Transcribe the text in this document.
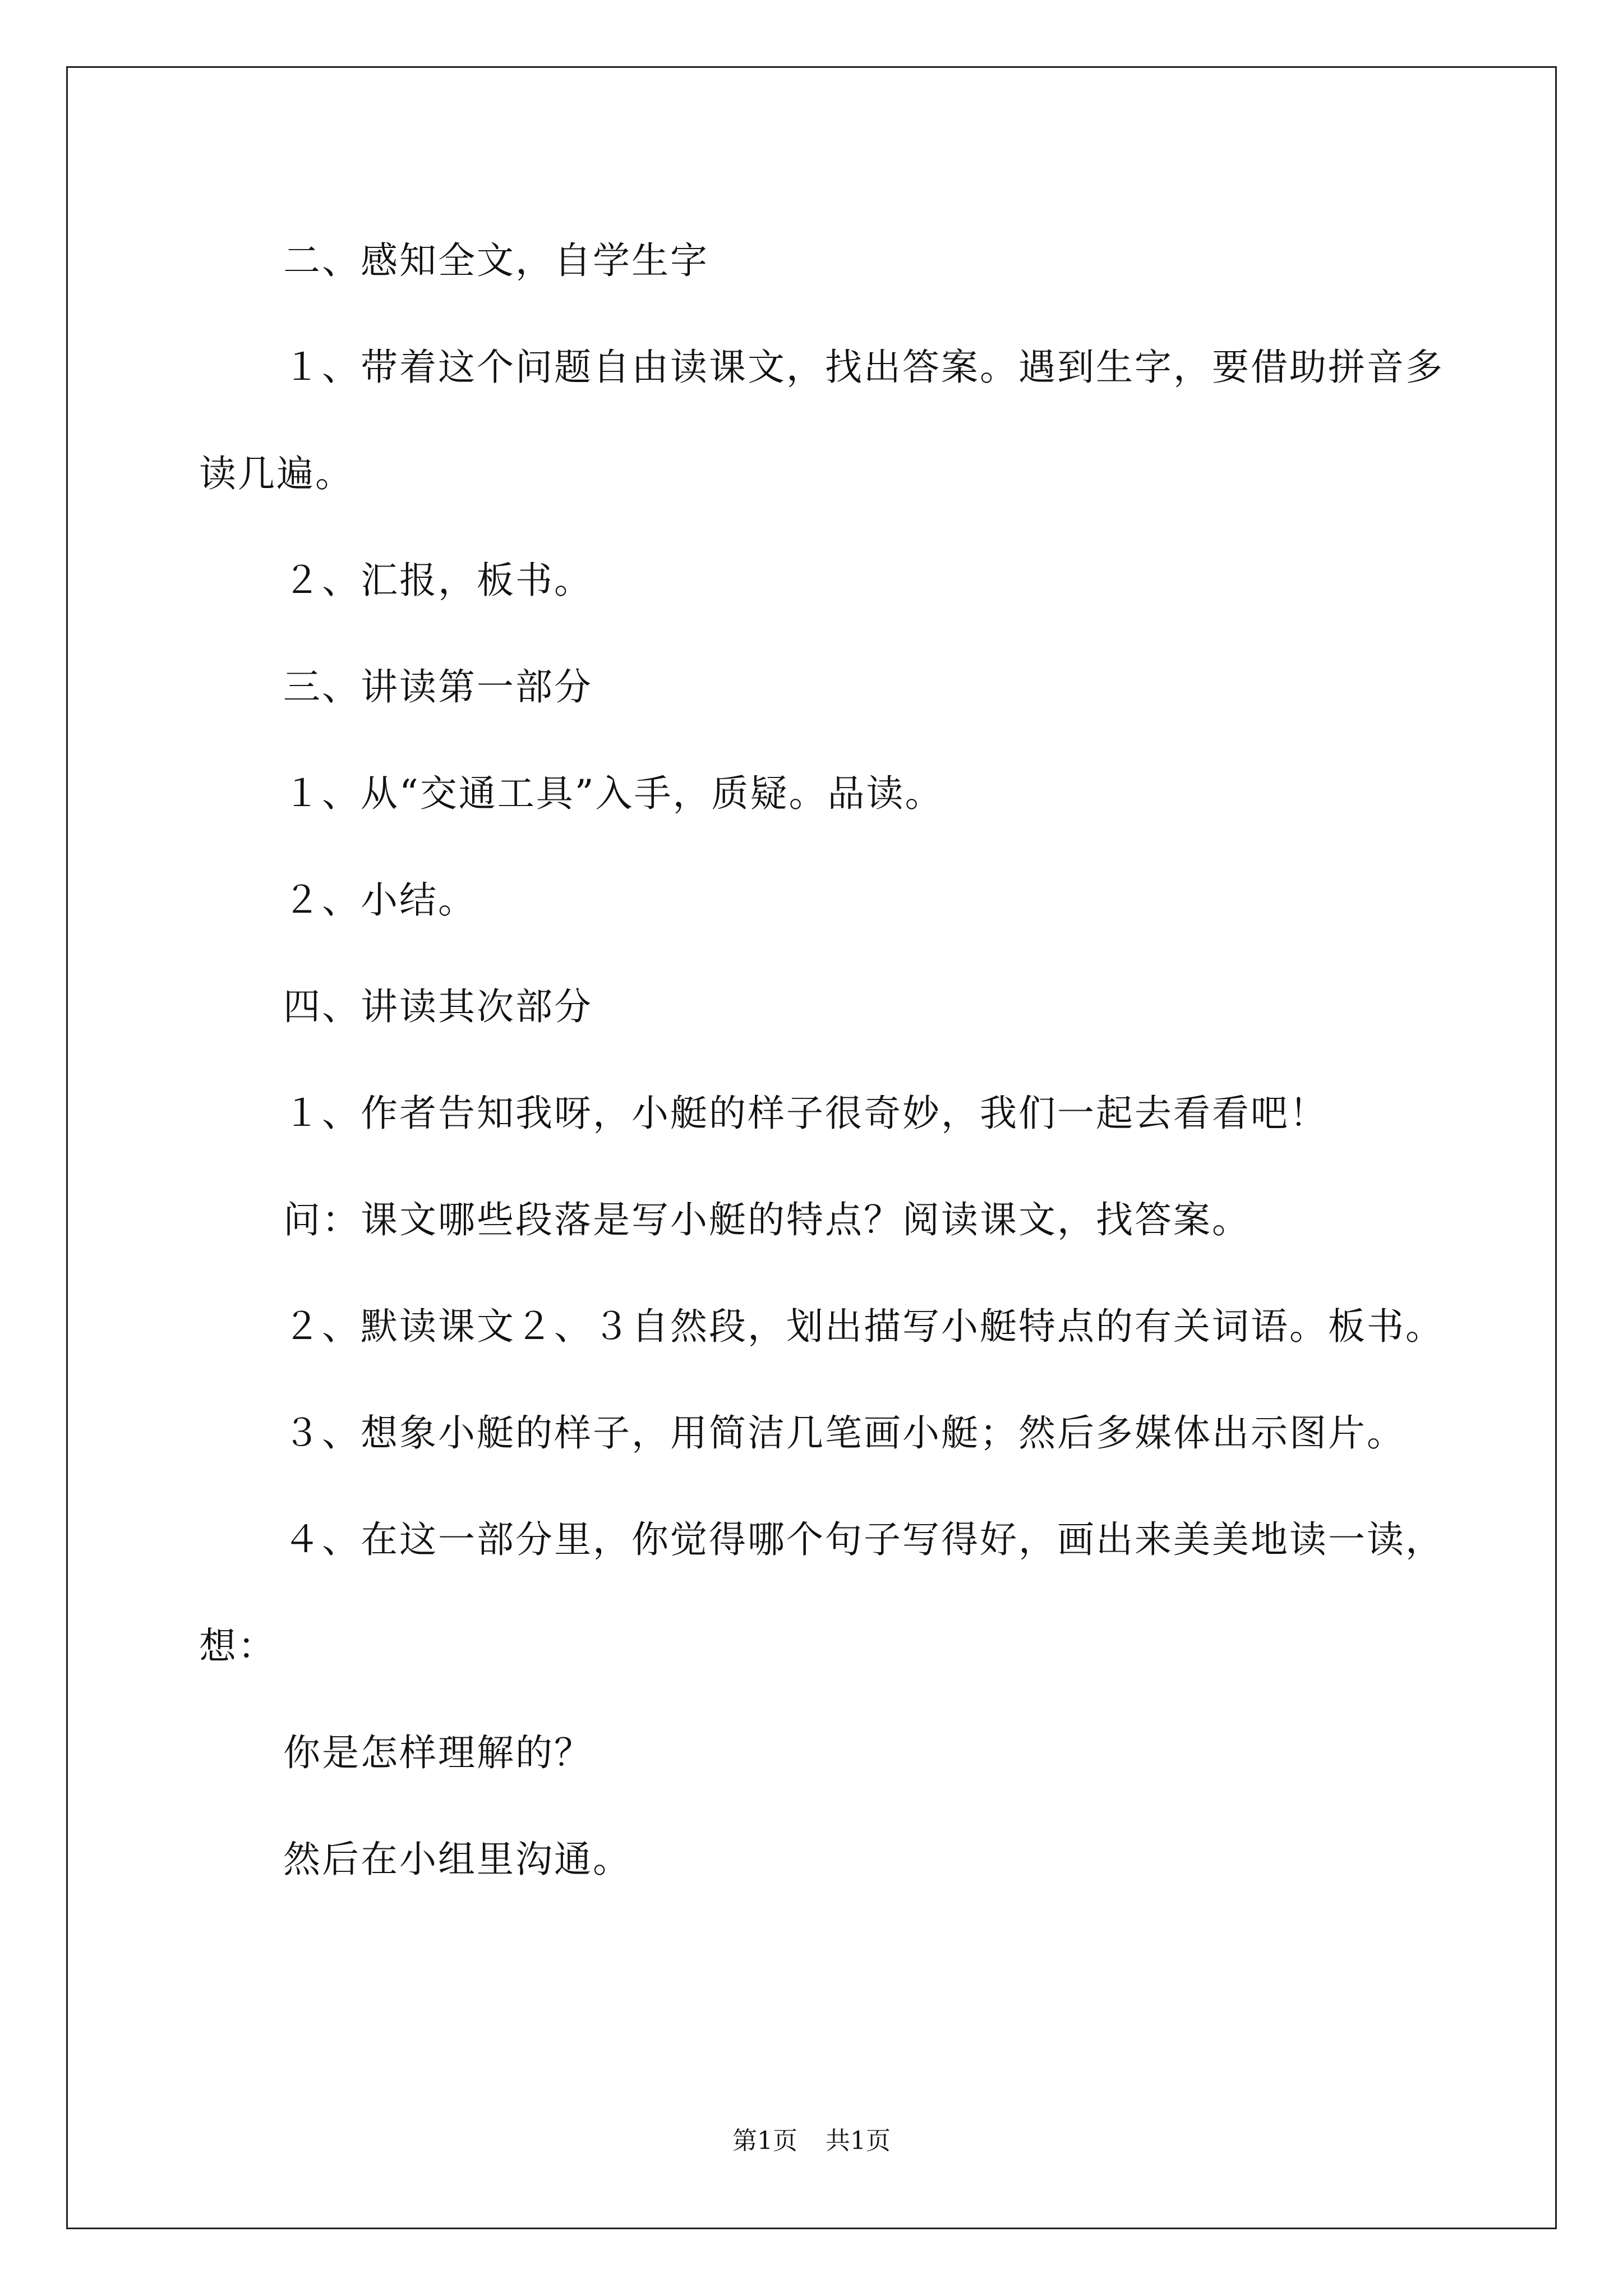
二、感知全文，自学生字

１、带着这个问题自由读课文，找出答案。遇到生字，要借助拼音多读几遍。

２、汇报，板书。

三、讲读第一部分

１、从“交通工具”入手，质疑。品读。

２、小结。

四、讲读其次部分

１、作者告知我呀，小艇的样子很奇妙，我们一起去看看吧！

问：课文哪些段落是写小艇的特点？阅读课文，找答案。

２、默读课文２、３自然段，划出描写小艇特点的有关词语。板书。

３、想象小艇的样子，用简洁几笔画小艇；然后多媒体出示图片。

４、在这一部分里，你觉得哪个句子写得好，画出来美美地读一读，想：

你是怎样理解的？

然后在小组里沟通。

第1页 共1页
